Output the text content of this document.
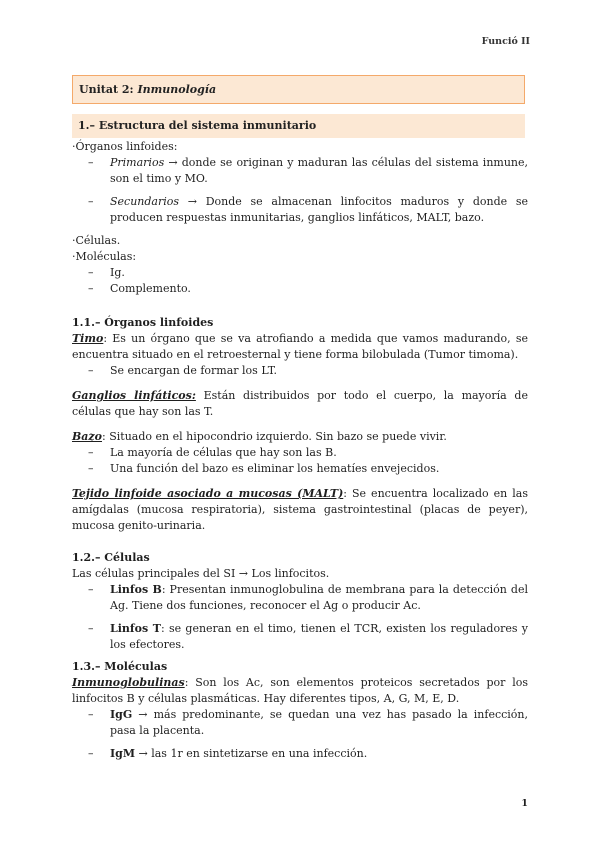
Funció II
Unitat 2: Inmunología
1.– Estructura del sistema inmunitario

·Órganos linfoides:

– Primarios → donde se originan y maduran las células del sistema inmune, son el timo y MO.

– Secundarios → Donde se almacenan linfocitos maduros y donde se producen respuestas inmunitarias, ganglios linfáticos, MALT, bazo.

·Células.

·Moléculas:

– Ig.

– Complemento.

1.1.– Órganos linfoides

Timo: Es un órgano que se va atrofiando a medida que vamos madurando, se encuentra situado en el retroesternal y tiene forma bilobulada (Tumor timoma).

– Se encargan de formar los LT.

Ganglios linfáticos: Están distribuidos por todo el cuerpo, la mayoría de células que hay son las T.

Bazo: Situado en el hipocondrio izquierdo. Sin bazo se puede vivir.

– La mayoría de células que hay son las B.

– Una función del bazo es eliminar los hematíes envejecidos.

Tejido linfoide asociado a mucosas (MALT): Se encuentra localizado en las amígdalas (mucosa respiratoria), sistema gastrointestinal (placas de peyer), mucosa genito-urinaria.

1.2.– Células

Las células principales del SI → Los linfocitos.

– Linfos B: Presentan inmunoglobulina de membrana para la detección del Ag. Tiene dos funciones, reconocer el Ag o producir Ac.

– Linfos T: se generan en el timo, tienen el TCR, existen los reguladores y los efectores.

1.3.– Moléculas

Inmunoglobulinas: Son los Ac, son elementos proteicos secretados por los linfocitos B y células plasmáticas. Hay diferentes tipos, A, G, M, E, D.

– IgG → más predominante, se quedan una vez has pasado la infección, pasa la placenta.

– IgM → las 1r en sintetizarse en una infección.

1
